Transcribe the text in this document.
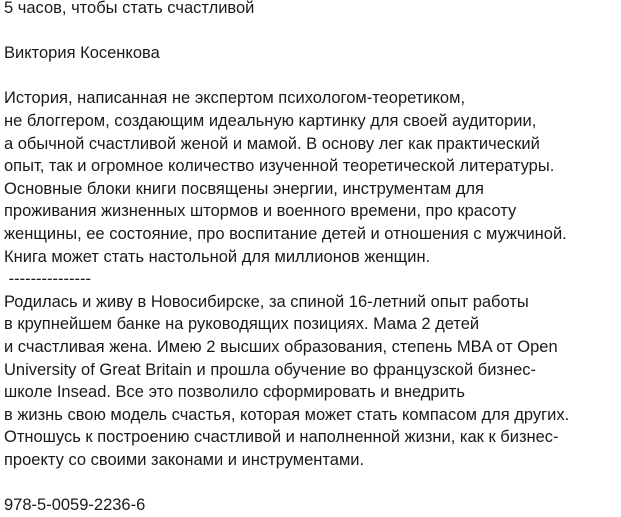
5 часов, чтобы стать счастливой
Виктория Косенкова
История, написанная не экспертом психологом-теоретиком,
не блоггером, создающим идеальную картинку для своей аудитории,
а обычной счастливой женой и мамой. В основу лег как практический
опыт, так и огромное количество изученной теоретической литературы.
Основные блоки книги посвящены энергии, инструментам для
проживания жизненных штормов и военного времени, про красоту
женщины, ее состояние, про воспитание детей и отношения с мужчиной.
Книга может стать настольной для миллионов женщин.
---------------
Родилась и живу в Новосибирске, за спиной 16-летний опыт работы
в крупнейшем банке на руководящих позициях. Мама 2 детей
и счастливая жена. Имею 2 высших образования, степень MBA от Open
University of Great Britain и прошла обучение во французской бизнес-
школе Insead. Все это позволило сформировать и внедрить
в жизнь свою модель счастья, которая может стать компасом для других.
Отношусь к построению счастливой и наполненной жизни, как к бизнес-
проекту со своими законами и инструментами.
978-5-0059-2236-6
